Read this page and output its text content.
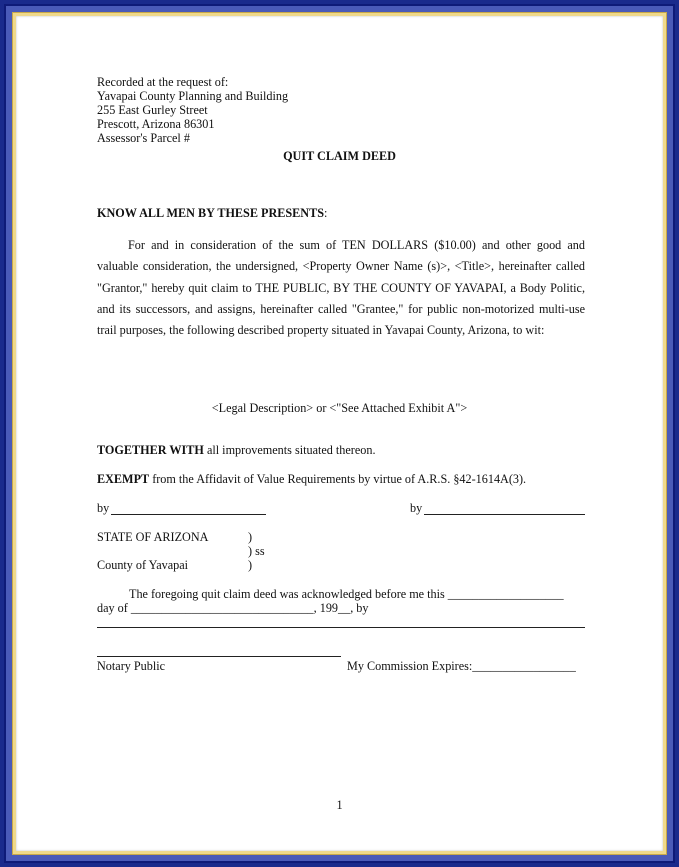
Recorded at the request of:
Yavapai County Planning and Building
255 East Gurley Street
Prescott, Arizona 86301
Assessor's Parcel #
QUIT CLAIM DEED
KNOW ALL MEN BY THESE PRESENTS:
For and in consideration of the sum of TEN DOLLARS ($10.00) and other good and valuable consideration, the undersigned, <Property Owner Name (s)>, <Title>, hereinafter called "Grantor," hereby quit claim to THE PUBLIC, BY THE COUNTY OF YAVAPAI, a Body Politic, and its successors, and assigns, hereinafter called "Grantee," for public non-motorized multi-use trail purposes, the following described property situated in Yavapai County, Arizona, to wit:
<Legal Description> or <"See Attached Exhibit A">
TOGETHER WITH all improvements situated thereon.
EXEMPT from the Affidavit of Value Requirements by virtue of A.R.S. §42-1614A(3).
by	by
STATE OF ARIZONA	)
) ss
County of Yavapai	)
The foregoing quit claim deed was acknowledged before me this ___________________
day of ______________________________, 199__, by
Notary Public	My Commission Expires:_________________
1
